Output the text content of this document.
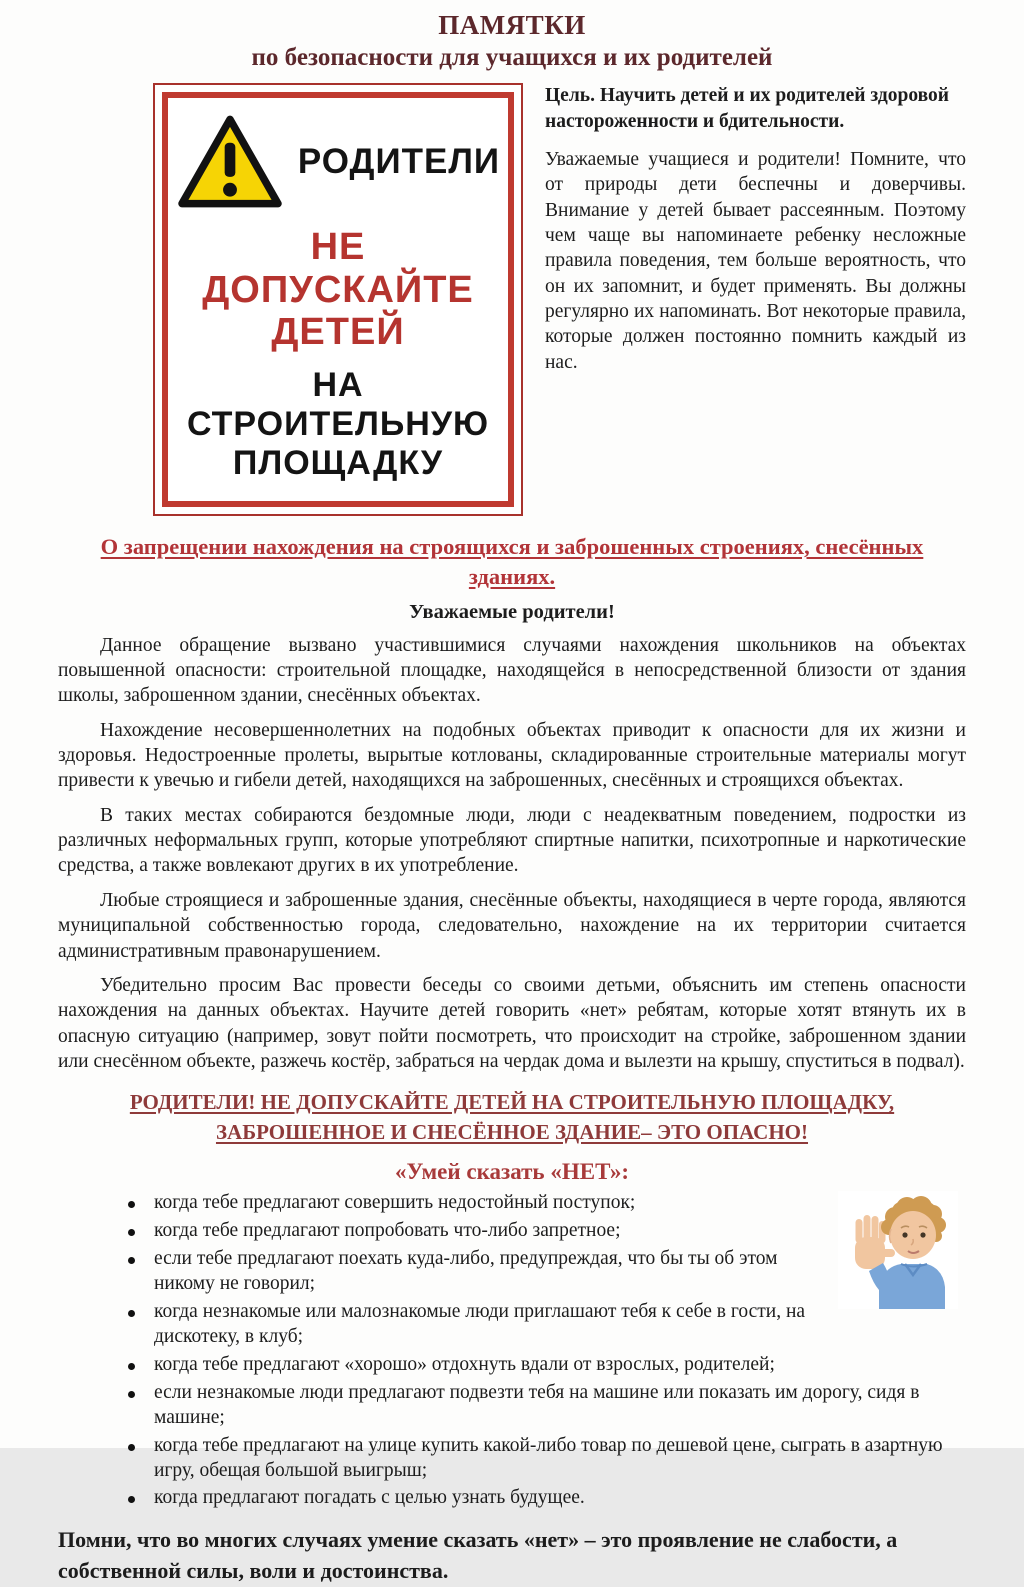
ПАМЯТКИ
по безопасности для учащихся и их родителей
РОДИТЕЛИ
НЕ ДОПУСКАЙТЕ
ДЕТЕЙ
НА СТРОИТЕЛЬНУЮ
ПЛОЩАДКУ

Цель. Научить детей и их родителей здоровой настороженности и бдительности.

Уважаемые учащиеся и родители! Помните, что от природы дети беспечны и доверчивы. Внимание у детей бывает рассеянным. Поэтому чем чаще вы напоминаете ребенку несложные правила поведения, тем больше вероятность, что он их запомнит, и будет применять. Вы должны регулярно их напоминать. Вот некоторые правила, которые должен постоянно помнить каждый из нас.

О запрещении нахождения на строящихся и заброшенных строениях, снесённых зданиях.
Уважаемые родители!

Данное обращение вызвано участившимися случаями нахождения школьников на объектах повышенной опасности: строительной площадке, находящейся в непосредственной близости от здания школы, заброшенном здании, снесённых объектах.

Нахождение несовершеннолетних на подобных объектах приводит к опасности для их жизни и здоровья. Недостроенные пролеты, вырытые котлованы, складированные строительные материалы могут привести к увечью и гибели детей, находящихся на заброшенных, снесённых и строящихся объектах.

В таких местах собираются бездомные люди, люди с неадекватным поведением, подростки из различных неформальных групп, которые употребляют спиртные напитки, психотропные и наркотические средства, а также вовлекают других в их употребление.

Любые строящиеся и заброшенные здания, снесённые объекты, находящиеся в черте города, являются муниципальной собственностью города, следовательно, нахождение на их территории считается административным правонарушением.

Убедительно просим Вас провести беседы со своими детьми, объяснить им степень опасности нахождения на данных объектах. Научите детей говорить «нет» ребятам, которые хотят втянуть их в опасную ситуацию (например, зовут пойти посмотреть, что происходит на стройке, заброшенном здании или снесённом объекте, разжечь костёр, забраться на чердак дома и вылезти на крышу, спуститься в подвал).

РОДИТЕЛИ! НЕ ДОПУСКАЙТЕ ДЕТЕЙ НА СТРОИТЕЛЬНУЮ ПЛОЩАДКУ, ЗАБРОШЕННОЕ И СНЕСЁННОЕ ЗДАНИЕ– ЭТО ОПАСНО!
«Умей сказать «НЕТ»:
когда тебе предлагают совершить недостойный поступок;
когда тебе предлагают попробовать что-либо запретное;
если тебе предлагают поехать куда-либо, предупреждая, что бы ты об этом никому не говорил;
когда незнакомые или малознакомые люди приглашают тебя к себе в гости, на дискотеку, в клуб;
когда тебе предлагают «хорошо» отдохнуть вдали от взрослых, родителей;
если незнакомые люди предлагают подвезти тебя на машине или показать им дорогу, сидя в машине;
когда тебе предлагают на улице купить какой-либо товар по дешевой цене, сыграть в азартную игру, обещая большой выигрыш;
когда предлагают погадать с целью узнать будущее.
Помни, что во многих случаях умение сказать «нет» – это проявление не слабости, а собственной силы, воли и достоинства.
